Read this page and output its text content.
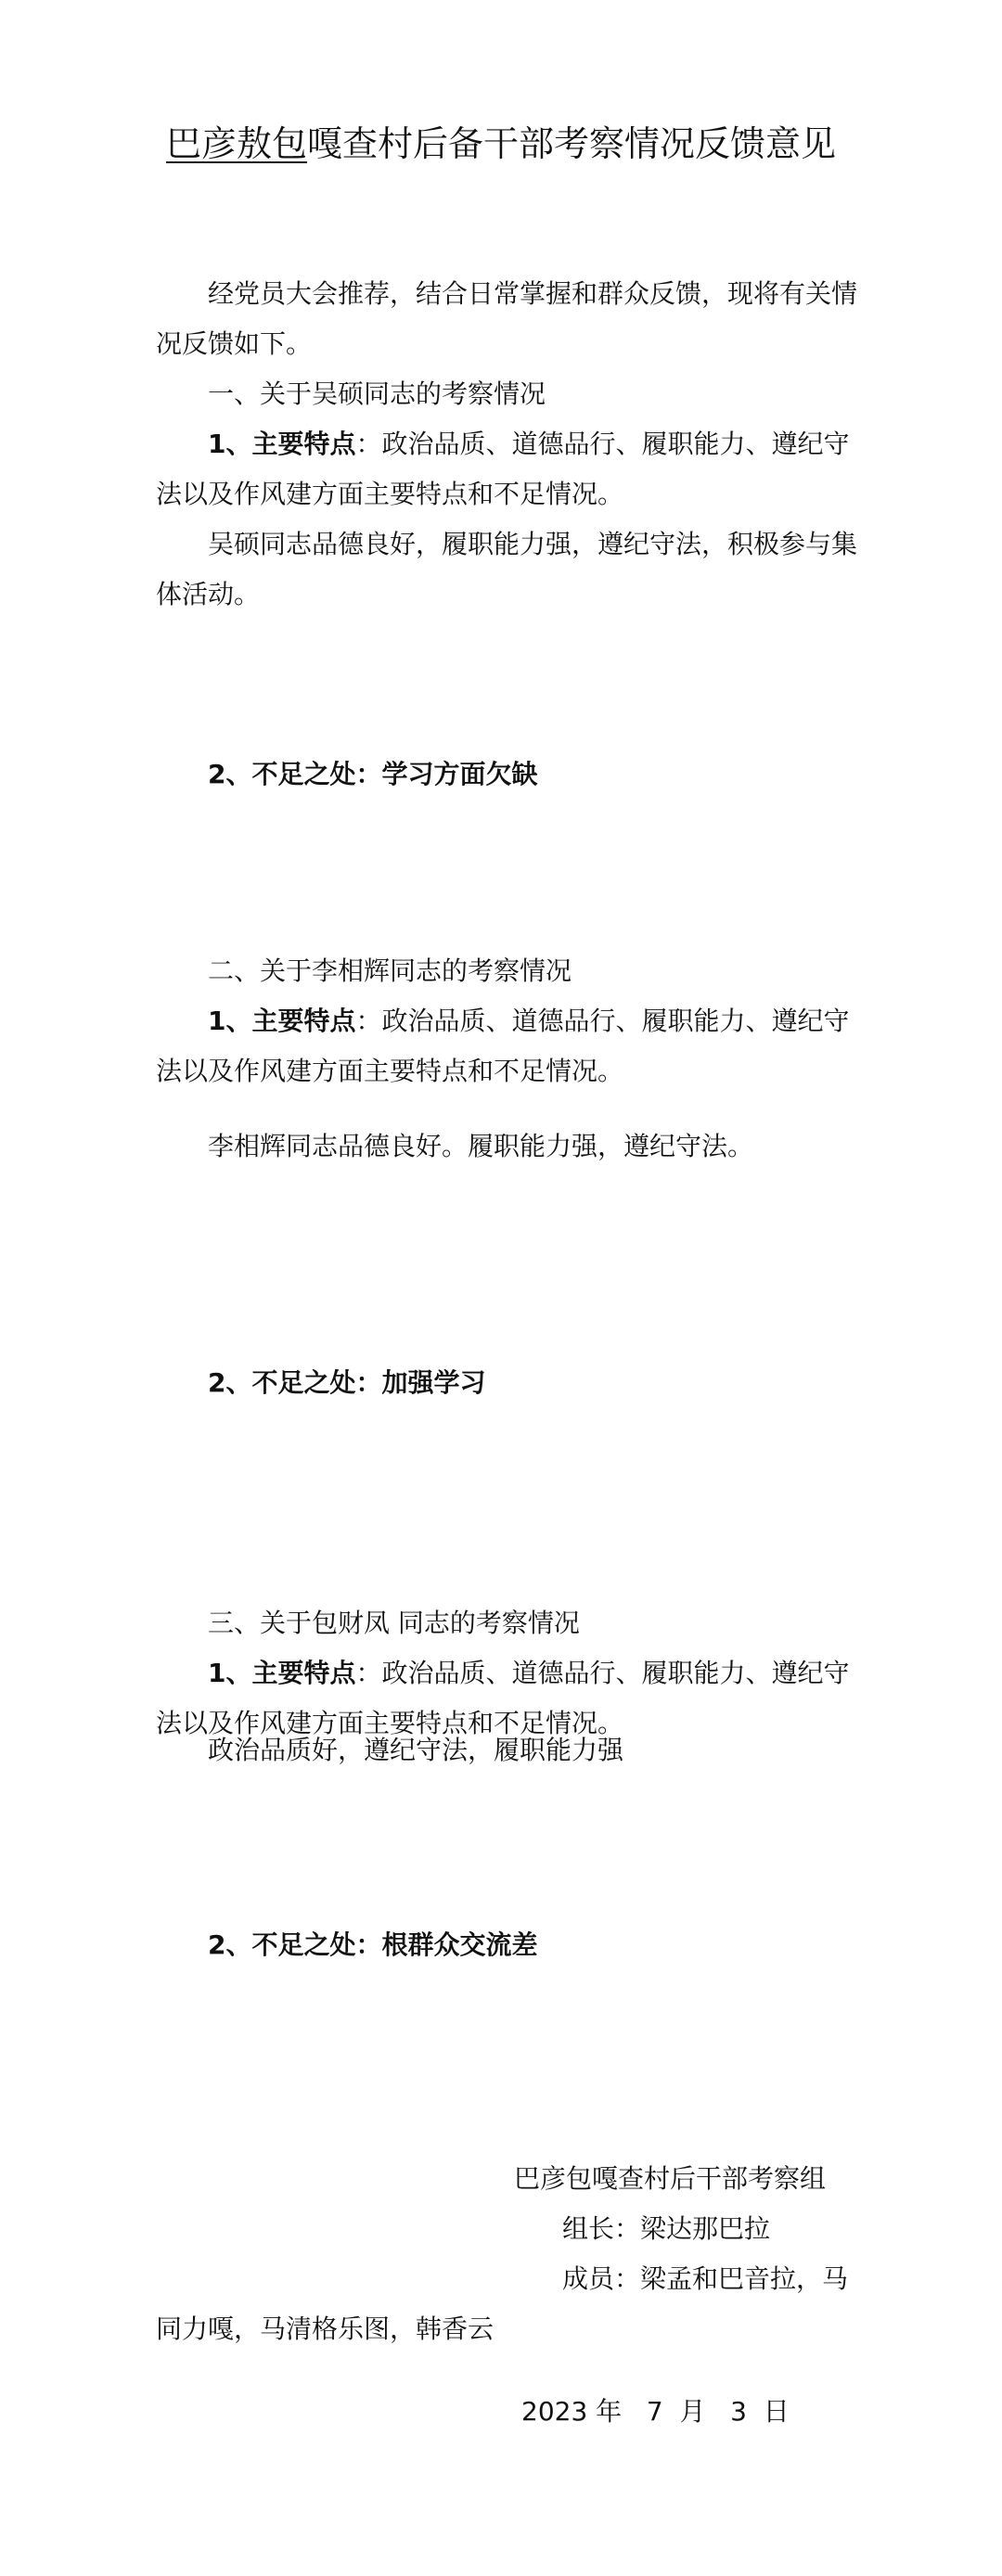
巴彦敖包嘎查村后备干部考察情况反馈意见

经党员大会推荐，结合日常掌握和群众反馈，现将有关情况反馈如下。

一、关于吴硕同志的考察情况

1、主要特点：政治品质、道德品行、履职能力、遵纪守法以及作风建方面主要特点和不足情况。

吴硕同志品德良好，履职能力强，遵纪守法，积极参与集体活动。

2、不足之处：学习方面欠缺

二、关于李相辉同志的考察情况

1、主要特点：政治品质、道德品行、履职能力、遵纪守法以及作风建方面主要特点和不足情况。

李相辉同志品德良好。履职能力强，遵纪守法。

2、不足之处：加强学习

三、关于包财凤 同志的考察情况

1、主要特点：政治品质、道德品行、履职能力、遵纪守法以及作风建方面主要特点和不足情况。

政治品质好，遵纪守法，履职能力强

2、不足之处：根群众交流差

巴彦包嘎查村后干部考察组

组长：梁达那巴拉

成员：梁孟和巴音拉，马同力嘎，马清格乐图，韩香云

2023 年   7  月   3  日
